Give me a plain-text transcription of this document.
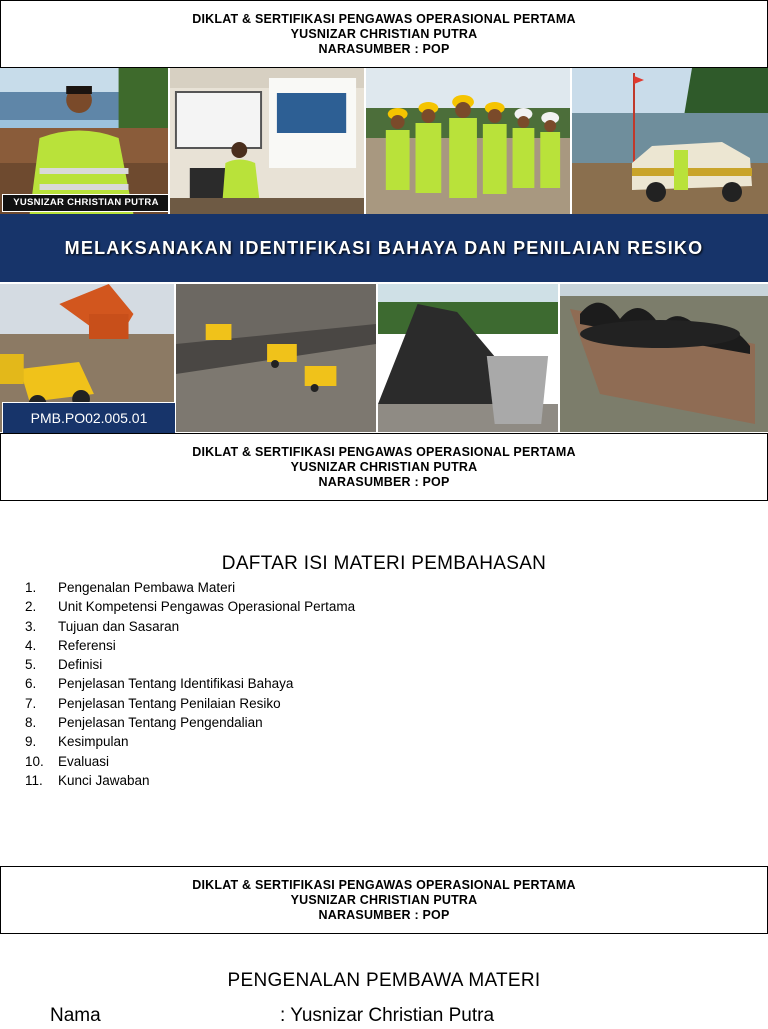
DIKLAT & SERTIFIKASI PENGAWAS OPERASIONAL PERTAMA
YUSNIZAR CHRISTIAN PUTRA
NARASUMBER : POP
YUSNIZAR CHRISTIAN PUTRA
MELAKSANAKAN IDENTIFIKASI BAHAYA DAN PENILAIAN RESIKO
PMB.PO02.005.01
DIKLAT & SERTIFIKASI PENGAWAS OPERASIONAL PERTAMA
YUSNIZAR CHRISTIAN PUTRA
NARASUMBER : POP
DAFTAR ISI MATERI PEMBAHASAN
1. Pengenalan Pembawa Materi
2. Unit Kompetensi Pengawas Operasional Pertama
3. Tujuan dan Sasaran
4. Referensi
5. Definisi
6. Penjelasan Tentang Identifikasi Bahaya
7. Penjelasan Tentang Penilaian Resiko
8. Penjelasan Tentang Pengendalian
9. Kesimpulan
10. Evaluasi
11. Kunci Jawaban
DIKLAT & SERTIFIKASI PENGAWAS OPERASIONAL PERTAMA
YUSNIZAR CHRISTIAN PUTRA
NARASUMBER : POP
PENGENALAN PEMBAWA MATERI
Nama	: Yusnizar Christian Putra
